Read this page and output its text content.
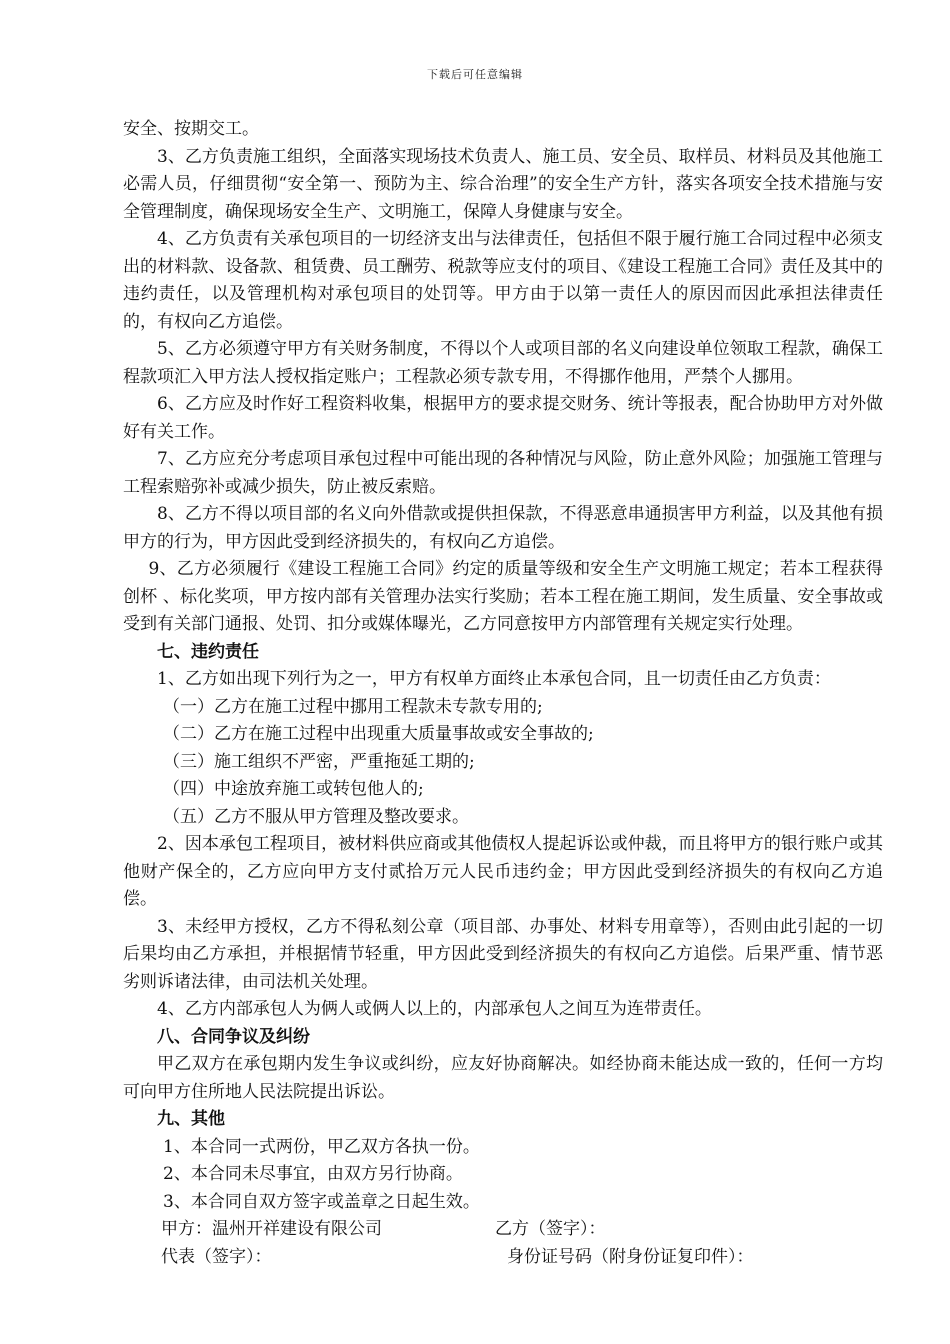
下载后可任意编辑

安全、按期交工。

3、乙方负责施工组织，全面落实现场技术负责人、施工员、安全员、取样员、材料员及其他施工必需人员，仔细贯彻“安全第一、预防为主、综合治理”的安全生产方针，落实各项安全技术措施与安全管理制度，确保现场安全生产、文明施工，保障人身健康与安全。

4、乙方负责有关承包项目的一切经济支出与法律责任，包括但不限于履行施工合同过程中必须支出的材料款、设备款、租赁费、员工酬劳、税款等应支付的项目、《建设工程施工合同》责任及其中的违约责任，以及管理机构对承包项目的处罚等。甲方由于以第一责任人的原因而因此承担法律责任的，有权向乙方追偿。

5、乙方必须遵守甲方有关财务制度，不得以个人或项目部的名义向建设单位领取工程款，确保工程款项汇入甲方法人授权指定账户；工程款必须专款专用，不得挪作他用，严禁个人挪用。

6、乙方应及时作好工程资料收集，根据甲方的要求提交财务、统计等报表，配合协助甲方对外做好有关工作。

7、乙方应充分考虑项目承包过程中可能出现的各种情况与风险，防止意外风险；加强施工管理与工程索赔弥补或减少损失，防止被反索赔。

8、乙方不得以项目部的名义向外借款或提供担保款，不得恶意串通损害甲方利益，以及其他有损甲方的行为，甲方因此受到经济损失的，有权向乙方追偿。

9、乙方必须履行《建设工程施工合同》约定的质量等级和安全生产文明施工规定；若本工程获得创杯 、标化奖项，甲方按内部有关管理办法实行奖励；若本工程在施工期间，发生质量、安全事故或受到有关部门通报、处罚、扣分或媒体曝光，乙方同意按甲方内部管理有关规定实行处理。

七、违约责任

1、乙方如出现下列行为之一，甲方有权单方面终止本承包合同，且一切责任由乙方负责：

（一）乙方在施工过程中挪用工程款未专款专用的;

（二）乙方在施工过程中出现重大质量事故或安全事故的;

（三）施工组织不严密，严重拖延工期的;

（四）中途放弃施工或转包他人的;

（五）乙方不服从甲方管理及整改要求。

2、因本承包工程项目，被材料供应商或其他债权人提起诉讼或仲裁，而且将甲方的银行账户或其他财产保全的，乙方应向甲方支付贰拾万元人民币违约金；甲方因此受到经济损失的有权向乙方追偿。

3、未经甲方授权，乙方不得私刻公章（项目部、办事处、材料专用章等），否则由此引起的一切后果均由乙方承担，并根据情节轻重，甲方因此受到经济损失的有权向乙方追偿。后果严重、情节恶劣则诉诸法律，由司法机关处理。

4、乙方内部承包人为俩人或俩人以上的，内部承包人之间互为连带责任。

八、合同争议及纠纷

甲乙双方在承包期内发生争议或纠纷，应友好协商解决。如经协商未能达成一致的，任何一方均可向甲方住所地人民法院提出诉讼。

九、其他

1、本合同一式两份，甲乙双方各执一份。

2、本合同未尽事宜，由双方另行协商。

3、本合同自双方签字或盖章之日起生效。

甲方：温州开祥建设有限公司	乙方（签字）：
代表（签字）：	身份证号码（附身份证复印件）：
